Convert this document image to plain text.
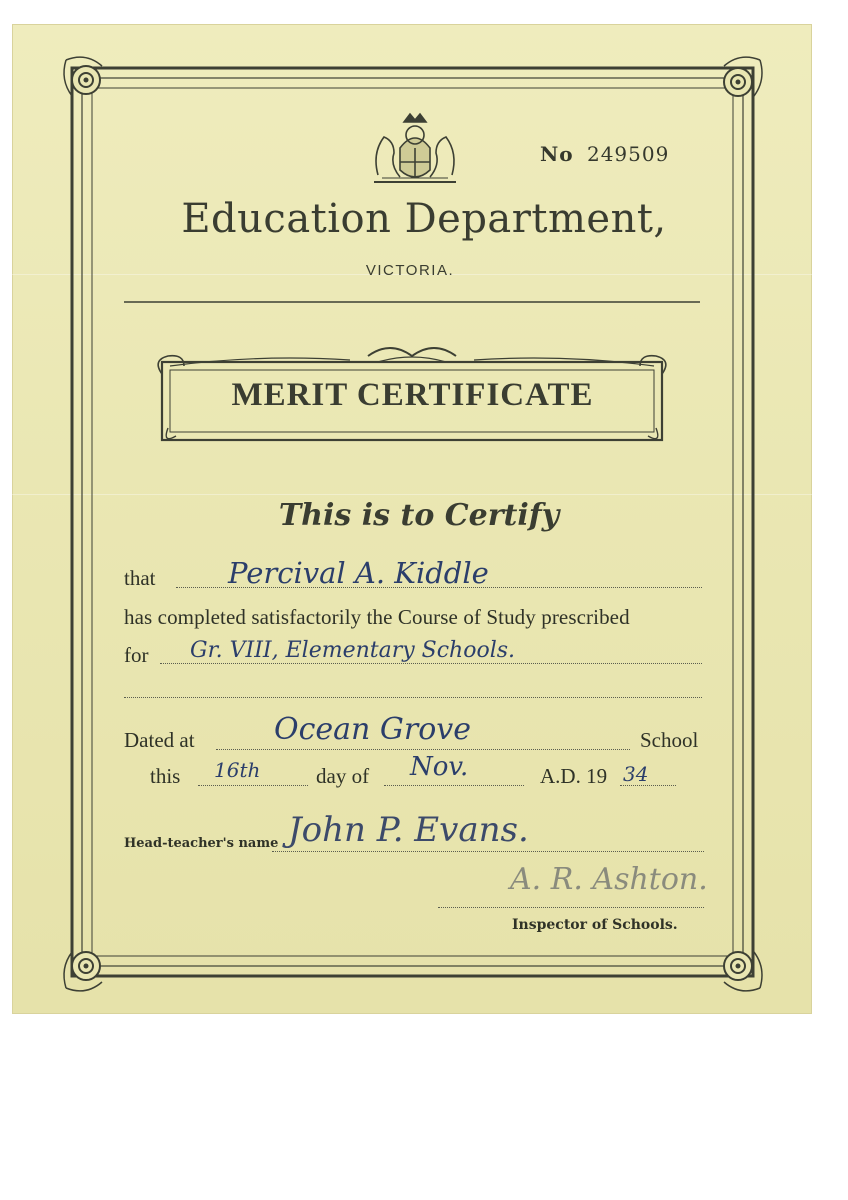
No 249509
Education Department,
VICTORIA.
MERIT CERTIFICATE
This is to Certify
that	Percival A. Kiddle
has completed satisfactorily the Course of Study prescribed
for Gr. VIII, Elementary Schools.
Dated at	Ocean Grove	School
this 16th	day of Nov.	A.D. 19 34
Head-teacher's name John P. Evans.
A. R. Ashton.
Inspector of Schools.
